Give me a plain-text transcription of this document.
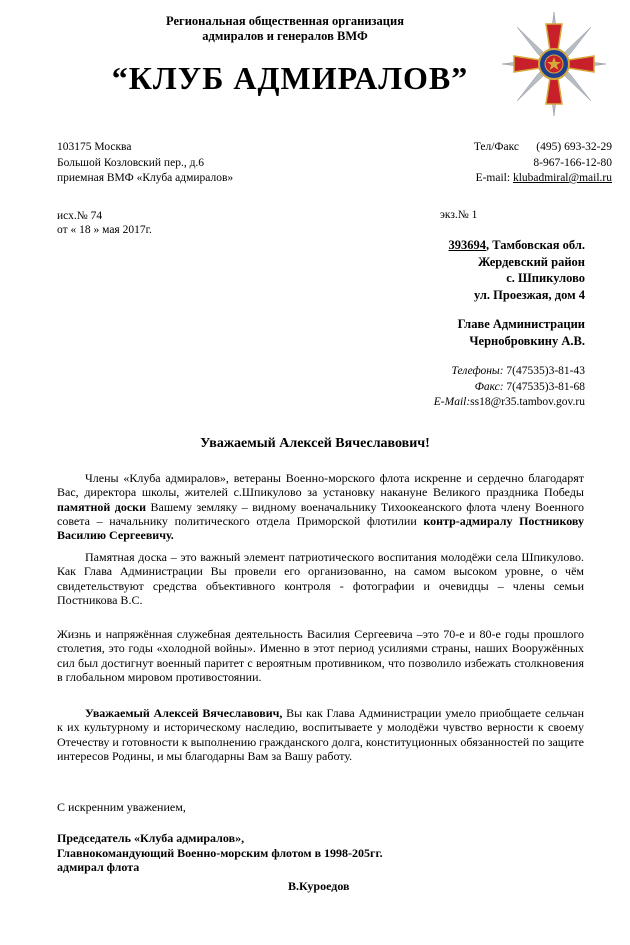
Региональная общественная организация
адмиралов и генералов ВМФ
“КЛУБ АДМИРАЛОВ”
103175 Москва
Большой Козловский пер., д.6
приемная ВМФ «Клуба адмиралов»
Тел/Факс (495) 693-32-29
8-967-166-12-80
E-mail: klubadmiral@mail.ru
исх.№ 74
от « 18 » мая 2017г.
экз.№ 1
393694, Тамбовская обл.
Жердевский район
с. Шпикулово
ул. Проезжая, дом 4
Главе Администрации
Чернобровкину А.В.
Телефоны: 7(47535)3-81-43
Факс: 7(47535)3-81-68
E-Mail:ss18@r35.tambov.gov.ru
Уважаемый Алексей Вячеславович!
Члены «Клуба адмиралов», ветераны Военно-морского флота искренне и сердечно благодарят Вас, директора школы, жителей с.Шпикулово за установку накануне Великого праздника Победы памятной доски Вашему земляку – видному военачальнику Тихоокеанского флота члену Военного совета – начальнику политического отдела Приморской флотилии контр-адмиралу Постникову Василию Сергеевичу.
Памятная доска – это важный элемент патриотического воспитания молодёжи села Шпикулово. Как Глава Администрации Вы провели его организованно, на самом высоком уровне, о чём свидетельствуют средства объективного контроля - фотографии и очевидцы – члены семьи Постникова В.С.
Жизнь и напряжённая служебная деятельность Василия Сергеевича –это 70-е и 80-е годы прошлого столетия, это годы «холодной войны». Именно в этот период усилиями страны, наших Вооружённых сил был достигнут военный паритет с вероятным противником, что позволило избежать столкновения в глобальном мировом противостоянии.
Уважаемый Алексей Вячеславович, Вы как Глава Администрации умело приобщаете сельчан к их культурному и историческому наследию, воспитываете у молодёжи чувство верности к своему Отечеству и готовности к выполнению гражданского долга, конституционных обязанностей по защите интересов Родины, и мы благодарны Вам за Вашу работу.
С искренним уважением,
Председатель «Клуба адмиралов»,
Главнокомандующий Военно-морским флотом в 1998-205гг.
адмирал флота
В.Куроедов
